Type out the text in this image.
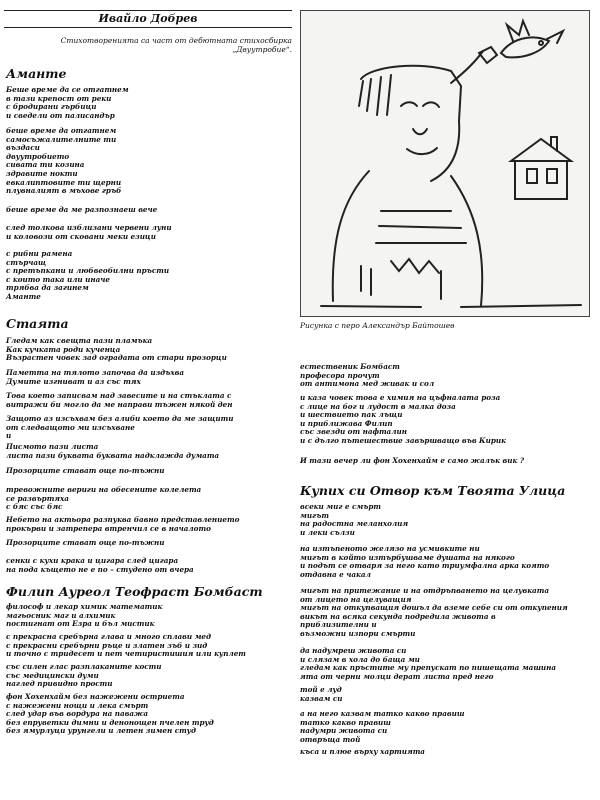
Ивайло Добрев
Стихотворенията са част от дебютната стихосбирка
„Двуутробие“.
Рисунка с перо Александър Байтошев
Аманте
Беше време да се отгатнем
в тази крепост от реки
с бродирани гърбици
и сведели от палисандър
беше време да отгатнем
самосъжалителните ти
въздаси
двуутробието
сивата ти козина
здравите нокти
евкалиптовите ти щерни
плувналият в мъхове гръб
беше време да ме разпознаеш вече
след толкова изблизани червени луни
и коловози от сковани меки езици
с рибни рамена
стърчащ
с претъпкани и любвеобилни пръсти
с които така или иначе
трябва да загинем
Аманте
Стаята
Гледам как свещта пази пламъка
Как кучката роди кученца
Възрастен човек зад оградата от стари прозорци
Паметта на тялото започва да издъхва
Думите изгниват и аз със тях
Това което записвам над завесите и на стъклата с
витражи би могло да ме направи тъжен някой ден
Защото аз изсъхвам без алиби което да ме защити
от следващото ми изсъхване
и
Писмото пази листа
листа пази буквата буквата надклажда думата
Прозорците стават още по-тъжни
тревожните вериги на обесените колелета
се развъртяха
с бяс със бяс
Небето на актьора разпуква бавно представлението
прокърви и затрепера втренчил се в началото
Прозорците стават още по-тъжни
сенки с кухи крака и цигара след цигара
на пода къщето не е по – студено от вчера
Филип Аурeол Теофраст Бомбаст
философ и лекар химик математик
магьосник маг и алхимик
постигнат от Езра и бъл мистик
с прекрасна сребърна глава и много сплави мед
с прекрасни сребърни ръце и златен зъб и зид
и точно с тридесет и пет четиристишия или куплет
със силен глас разплаканите кости
със медицински думи
наглед привидно прости
фон Хохенхайм без нажежени остриета
с нажежени нощи и лека смърт
след удар във вордура на паважа
без епруветки димни и денонощен пчелен труд
без ямурлуци урунгели и летен зимен студ
естественик Бомбаст
професора прочут
от антимона мед живак и сол
и каза човек това е химия на цъфналата роза
с лице на бог и лудост в малка доза
и шествието пак лъщи
и приближава Филип
със звезди от нафталин
и с дълго пътешествие завършващо във Кирик
И тази вечер ли фон Хохенхайм е само жалък вик ?
Купих си Отвор към Твоята Улица
всеки миг е смърт
мигът
на радостна меланхолия
и леки сълзи
на изтъпеното желязо на усмивките ни
мигът в който изтърбушваме душата на някого
и подът се отваря за него като триумфална арка която
отдавна е чакал
мигът на притежание и на отдръпването на целувката
от лицето на целуващия
мигът на откупващия дошъл да вземе себе си от откупения
викът на всяка секунда подредила живота в
приблизителни и
възможни изпори смърти
да надумреш живота си
и слязам в хола до баща ми
гледам как пръстите му препускат по пишещата машина
ята от черни молци дерат листа пред него
той е луд
казвам си
а на него казвам татко какво правиш
татко какво правиш
надумри живота си
отвръща той
къса и плюе върху хартията
